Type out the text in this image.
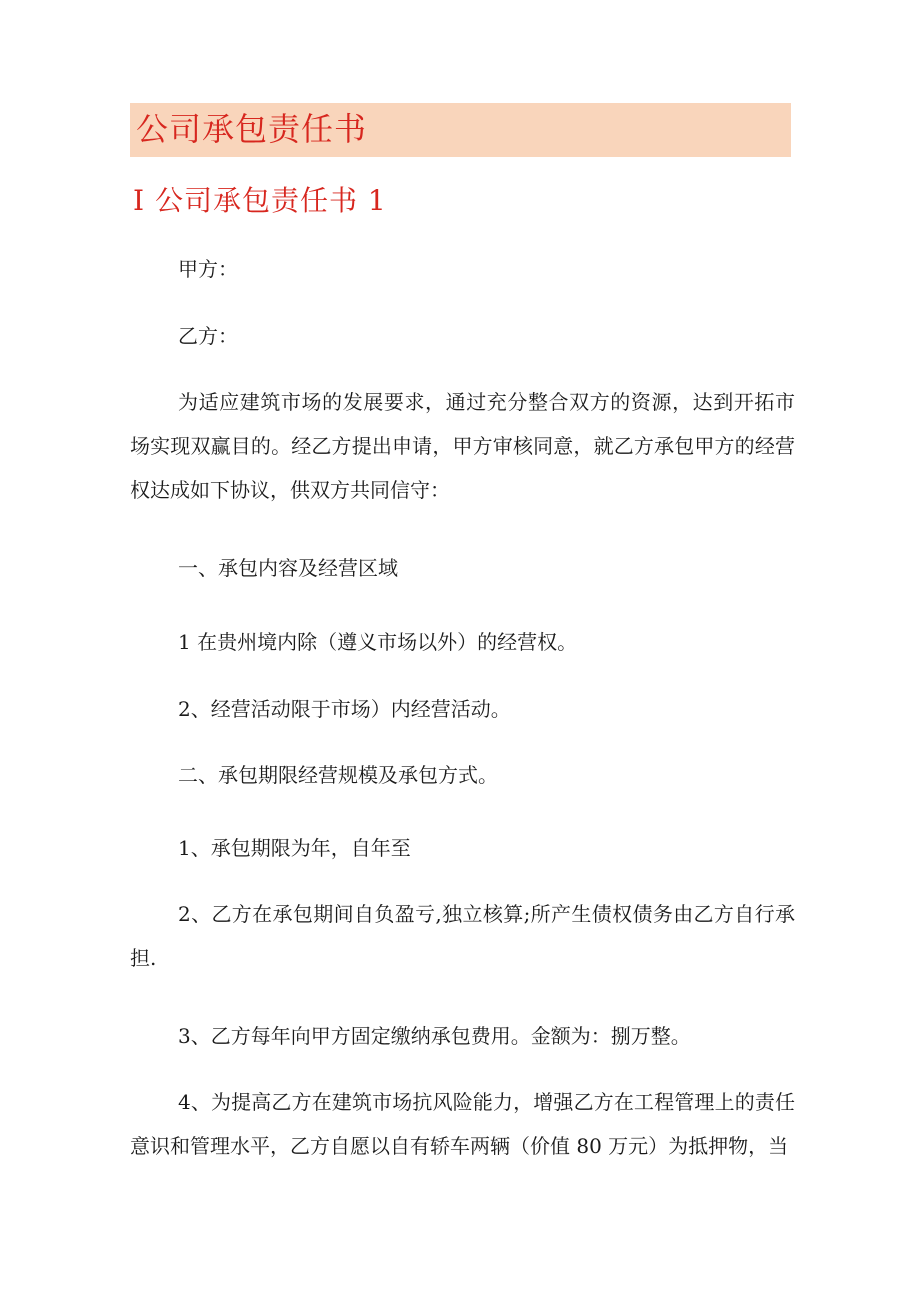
公司承包责任书
I 公司承包责任书 1

甲方：

乙方：

为适应建筑市场的发展要求，通过充分整合双方的资源，达到开拓市场实现双赢目的。经乙方提出申请，甲方审核同意，就乙方承包甲方的经营权达成如下协议，供双方共同信守：

一、承包内容及经营区域

1 在贵州境内除（遵义市场以外）的经营权。

2、经营活动限于市场）内经营活动。

二、承包期限经营规模及承包方式。

1、承包期限为年，自年至

2、乙方在承包期间自负盈亏,独立核算;所产生债权债务由乙方自行承担.

3、乙方每年向甲方固定缴纳承包费用。金额为：捌万整。

4、为提高乙方在建筑市场抗风险能力，增强乙方在工程管理上的责任意识和管理水平，乙方自愿以自有轿车两辆（价值 80 万元）为抵押物，当
